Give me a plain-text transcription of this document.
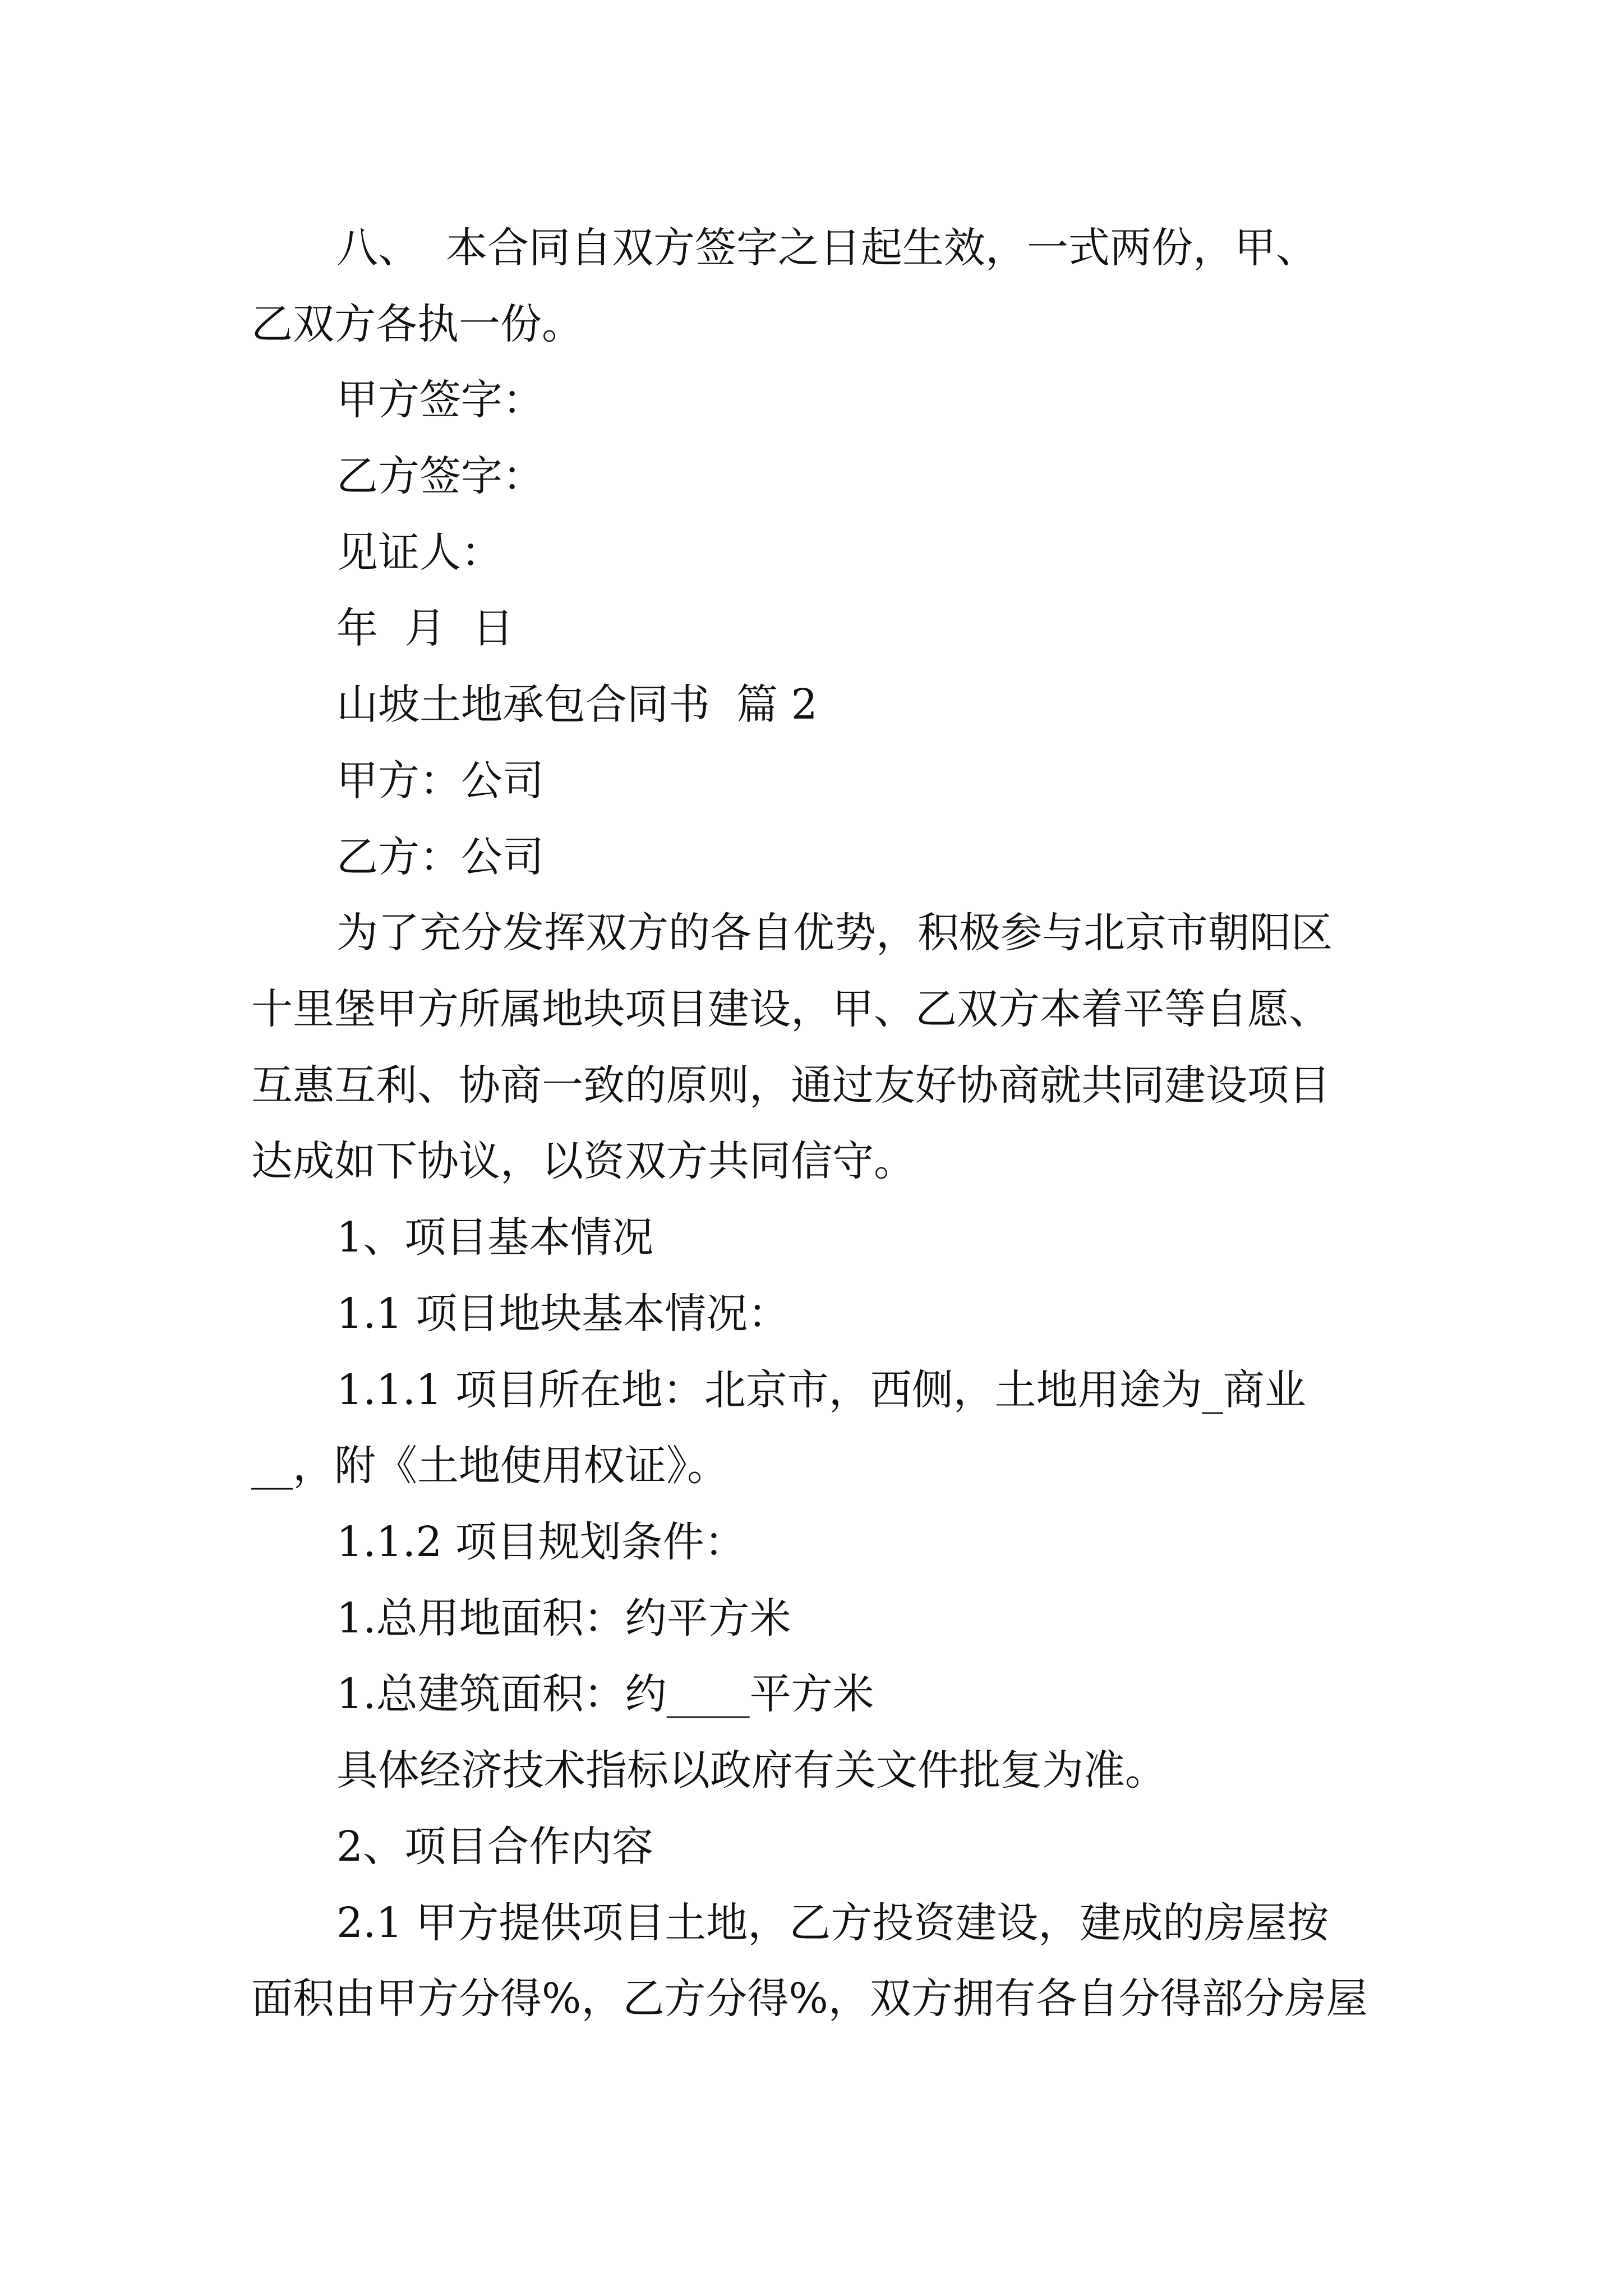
八、  本合同自双方签字之日起生效，一式两份，甲、
乙双方各执一份。
甲方签字：
乙方签字：
见证人：
年  月  日
山坡土地承包合同书  篇 2
甲方：公司
乙方：公司
为了充分发挥双方的各自优势，积极参与北京市朝阳区
十里堡甲方所属地块项目建设，甲、乙双方本着平等自愿、
互惠互利、协商一致的原则，通过友好协商就共同建设项目
达成如下协议，以资双方共同信守。
1、项目基本情况
1.1 项目地块基本情况：
1.1.1 项目所在地：北京市，西侧，土地用途为_商业
__，附《土地使用权证》。
1.1.2 项目规划条件：
1.总用地面积：约平方米
1.总建筑面积：约____平方米
具体经济技术指标以政府有关文件批复为准。
2、项目合作内容
2.1 甲方提供项目土地，乙方投资建设，建成的房屋按
面积由甲方分得%，乙方分得%，双方拥有各自分得部分房屋
